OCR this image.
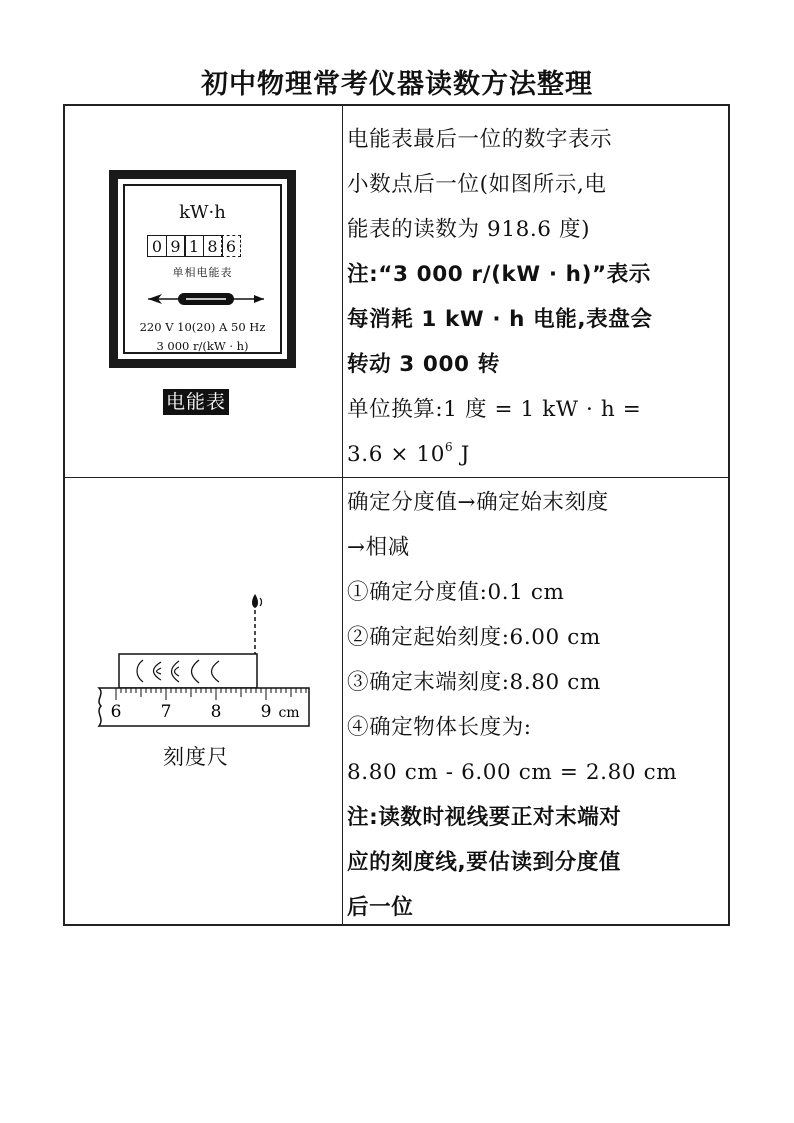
初中物理常考仪器读数方法整理
kW·h
0 9 1 8 6
单相电能表
220 V 10(20) A 50 Hz
3 000 r/(kW · h)
电能表
电能表最后一位的数字表示
小数点后一位(如图所示,电
能表的读数为 918.6 度)
注:“3 000 r/(kW · h)”表示
每消耗 1 kW · h 电能,表盘会
转动 3 000 转
单位换算:1 度 = 1 kW · h =
$3.6 \times 10^6$ J
6 7 8 9 cm
刻度尺
确定分度值→确定始末刻度
→相减
①确定分度值:0.1 cm
②确定起始刻度:6.00 cm
③确定末端刻度:8.80 cm
④确定物体长度为:
8.80 cm - 6.00 cm = 2.80 cm
注:读数时视线要正对末端对
应的刻度线,要估读到分度值
后一位
